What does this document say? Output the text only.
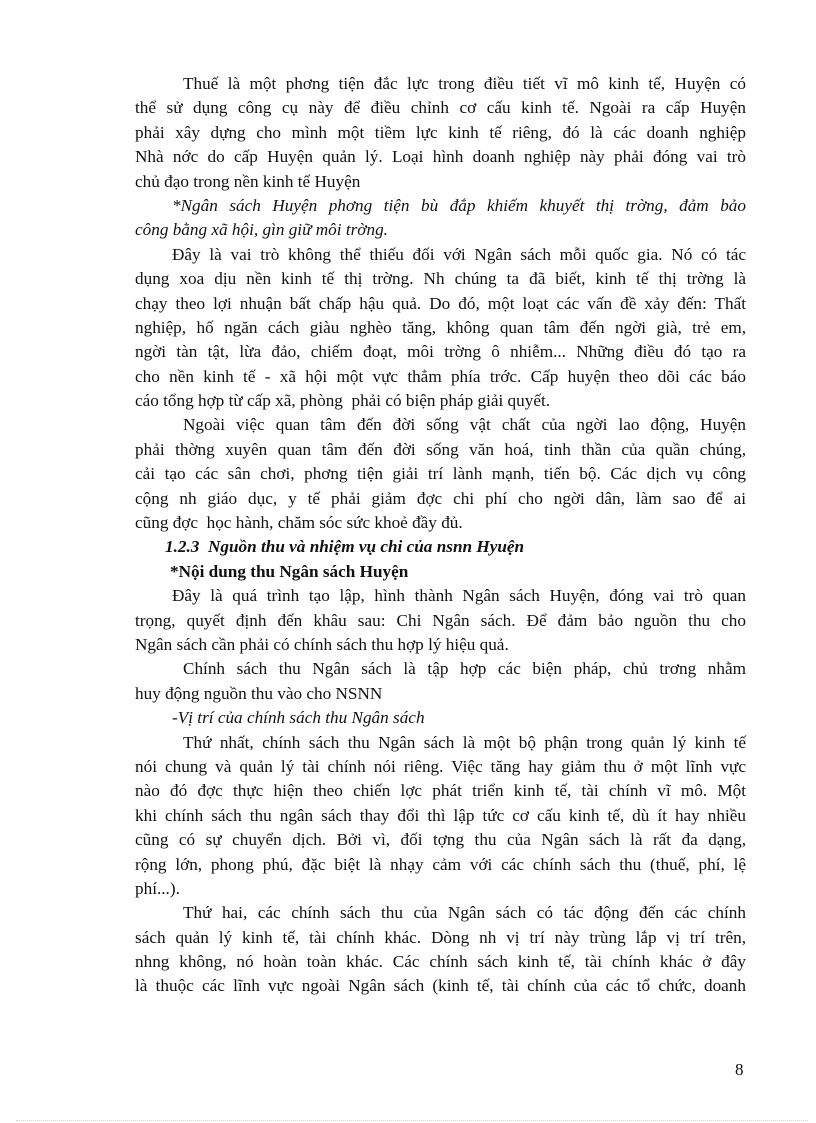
Thuế là một phơng tiện đắc lực trong điều tiết vĩ mô kinh tế, Huyện có
thể sử dụng công cụ này để điều chỉnh cơ cấu kinh tế. Ngoài ra cấp Huyện
phải xây dựng cho mình một tiềm lực kinh tế riêng, đó là các doanh nghiệp
Nhà nớc do cấp Huyện quản lý. Loại hình doanh nghiệp này phải đóng vai trò
chủ đạo trong nền kinh tế Huyện
*Ngân sách Huyện phơng tiện bù đắp khiếm khuyết thị trờng, đảm bảo
công bằng xã hội, gìn giữ môi trờng.
Đây là vai trò không thể thiếu đối với Ngân sách mỗi quốc gia. Nó có tác
dụng xoa dịu nền kinh tế thị trờng. Nh chúng ta đã biết, kinh tế thị trờng là
chạy theo lợi nhuận bất chấp hậu quả. Do đó, một loạt các vấn đề xảy đến: Thất
nghiệp, hố ngăn cách giàu nghèo tăng, không quan tâm đến ngời già, trẻ em,
ngời tàn tật, lừa đảo, chiếm đoạt, môi trờng ô nhiễm... Những điều đó tạo ra
cho nền kinh tế - xã hội một vực thẳm phía trớc. Cấp huyện theo dõi các báo
cáo tổng hợp từ cấp xã, phòng  phải có biện pháp giải quyết.
Ngoài việc quan tâm đến đời sống vật chất của ngời lao động, Huyện
phải thờng xuyên quan tâm đến đời sống văn hoá, tinh thần của quần chúng,
cải tạo các sân chơi, phơng tiện giải trí lành mạnh, tiến bộ. Các dịch vụ công
cộng nh giáo dục, y tế phải giảm đợc chi phí cho ngời dân, làm sao để ai
cũng đợc  học hành, chăm sóc sức khoẻ đầy đủ.
1.2.3  Nguồn thu và nhiệm vụ chi của nsnn Hyuện
*Nội dung thu Ngân sách Huyện
Đây là quá trình tạo lập, hình thành Ngân sách Huyện, đóng vai trò quan
trọng, quyết định đến khâu sau: Chi Ngân sách. Để đảm bảo nguồn thu cho
Ngân sách cần phải có chính sách thu hợp lý hiệu quả.
Chính sách thu Ngân sách là tập hợp các biện pháp, chủ trơng nhằm
huy động nguồn thu vào cho NSNN
-Vị trí của chính sách thu Ngân sách
Thứ nhất, chính sách thu Ngân sách là một bộ phận trong quản lý kinh tế
nói chung và quản lý tài chính nói riêng. Việc tăng hay giảm thu ở một lĩnh vực
nào đó đợc thực hiện theo chiến lợc phát triển kinh tế, tài chính vĩ mô. Một
khi chính sách thu ngân sách thay đổi thì lập tức cơ cấu kinh tế, dù ít hay nhiều
cũng có sự chuyển dịch. Bởi vì, đối tợng thu của Ngân sách là rất đa dạng,
rộng lớn, phong phú, đặc biệt là nhạy cảm với các chính sách thu (thuế, phí, lệ
phí...).
Thứ hai, các chính sách thu của Ngân sách có tác động đến các chính
sách quản lý kinh tế, tài chính khác. Dòng nh vị trí này trùng lắp vị trí trên,
nhng không, nó hoàn toàn khác. Các chính sách kinh tế, tài chính khác ở đây
là thuộc các lĩnh vực ngoài Ngân sách (kinh tế, tài chính của các tổ chức, doanh
8
